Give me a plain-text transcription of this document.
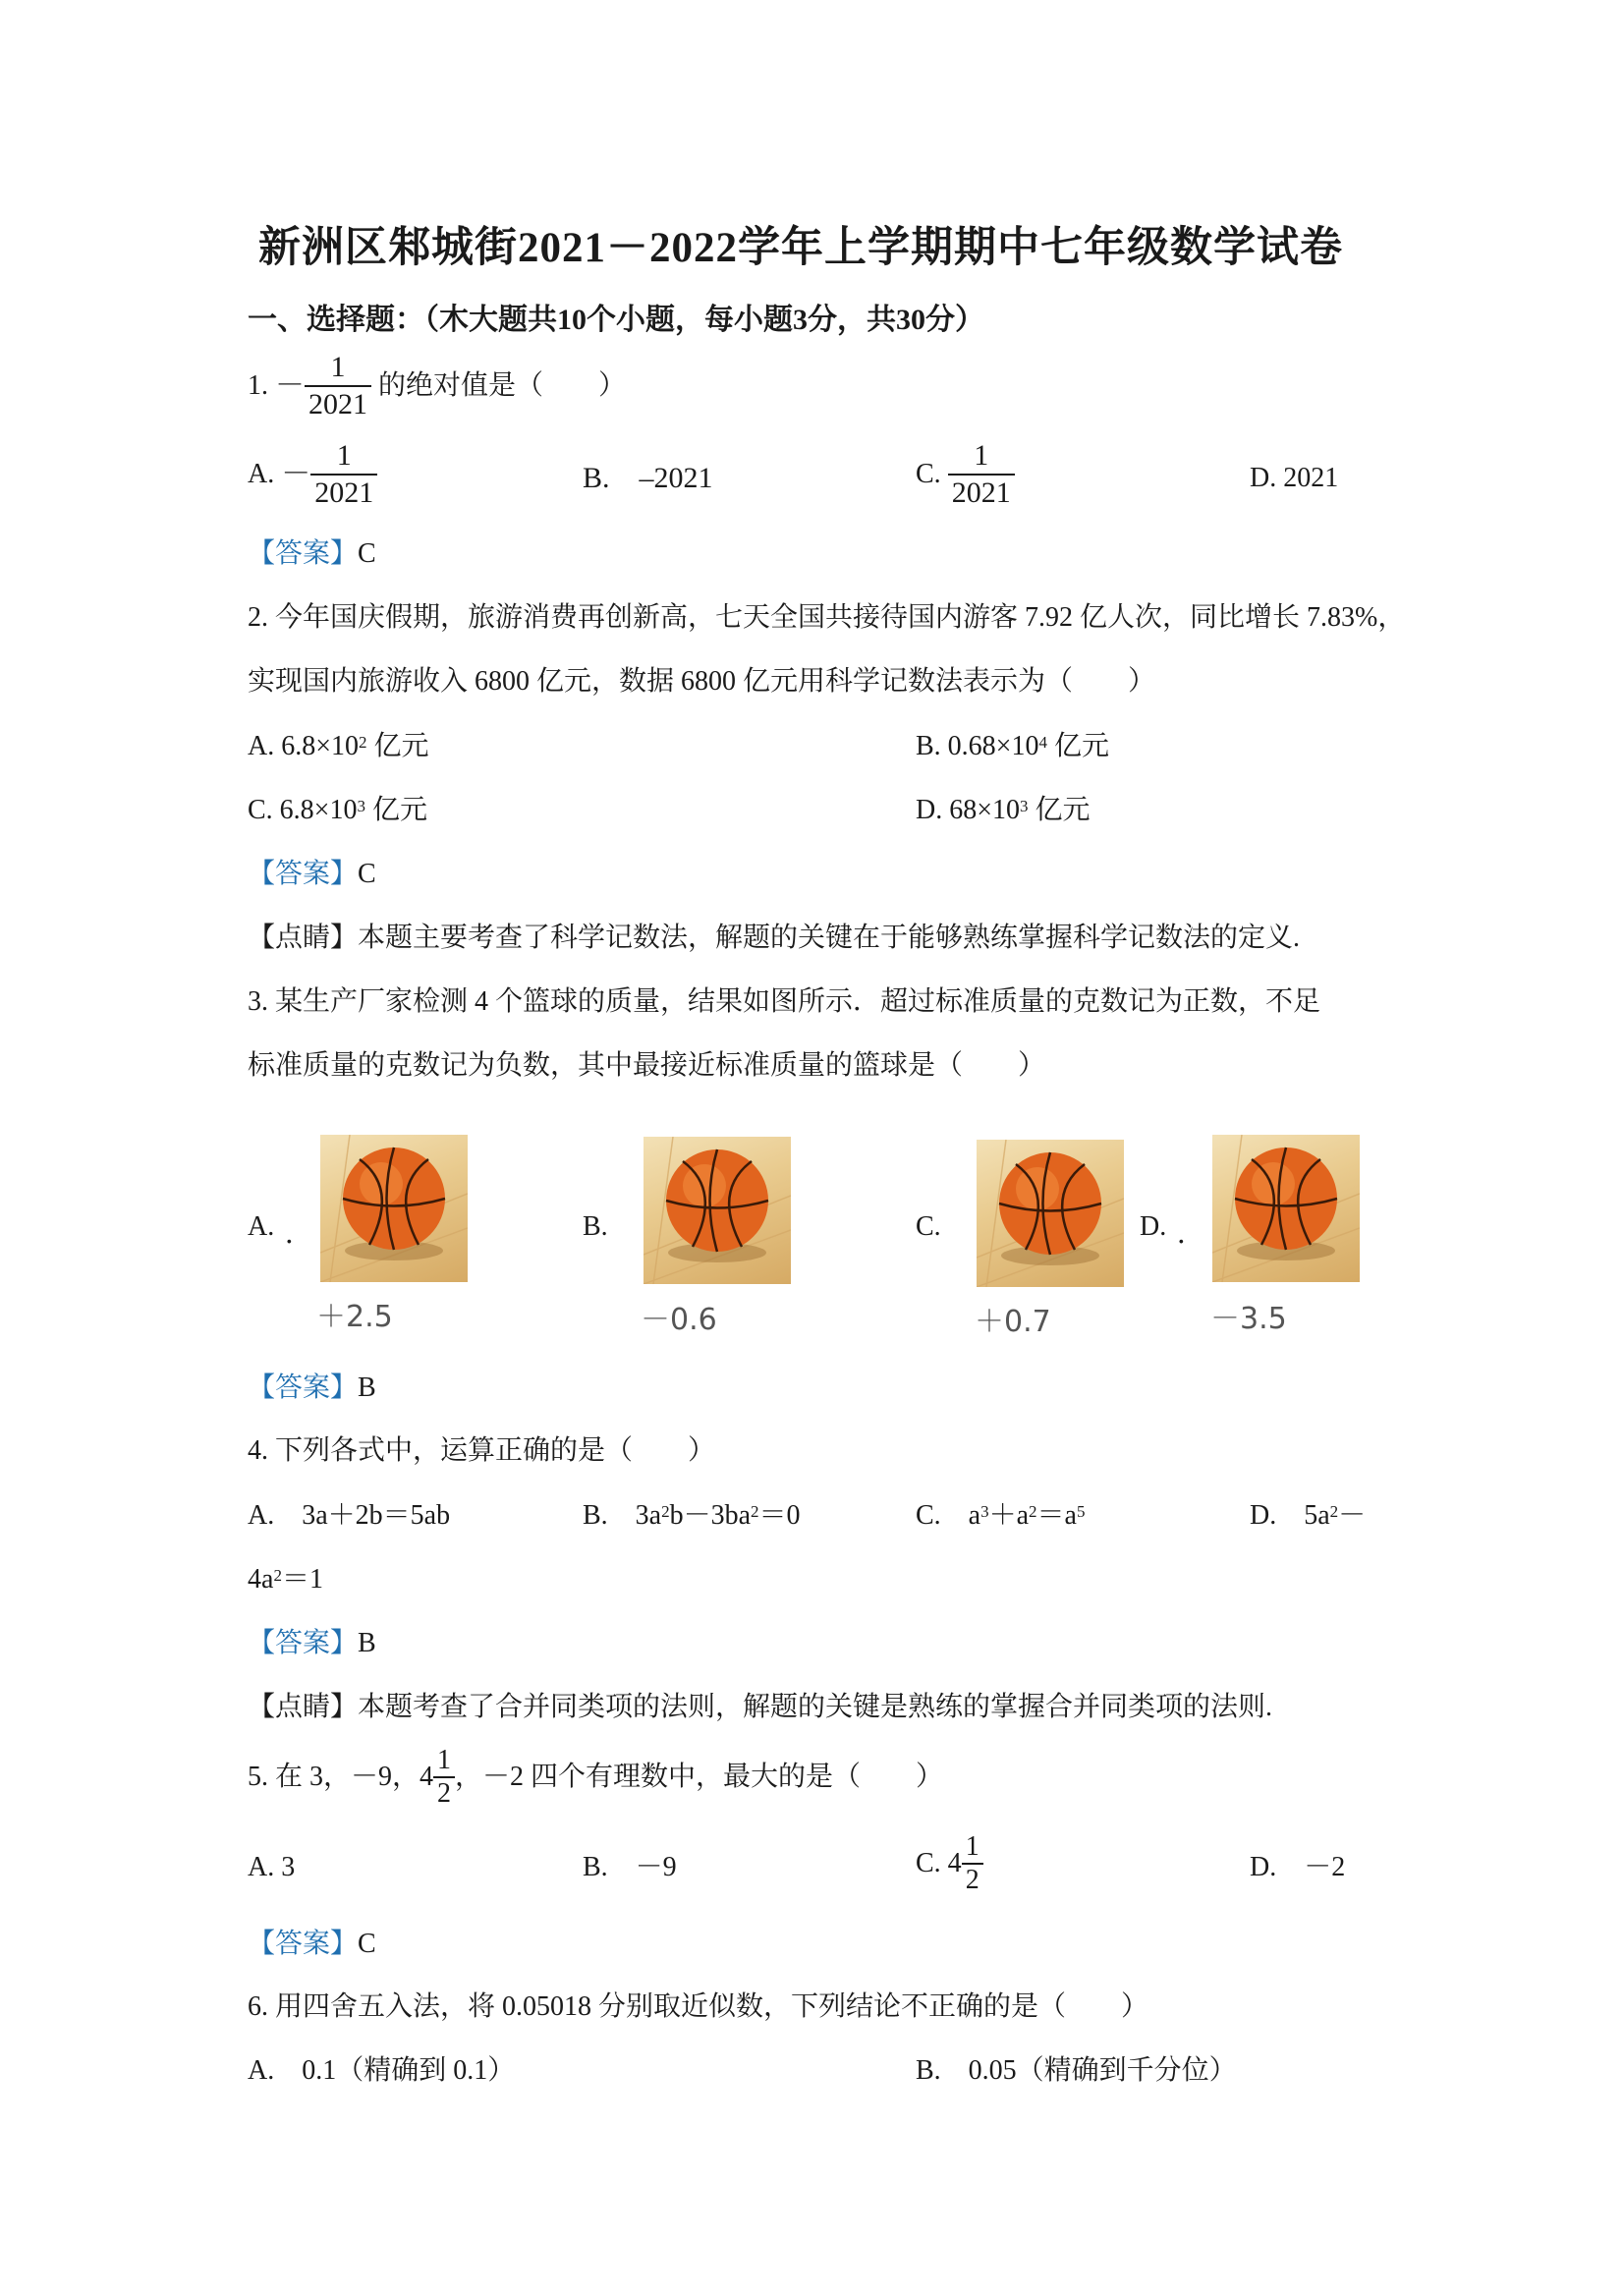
新洲区邾城街2021－2022学年上学期期中七年级数学试卷
一、选择题：（木大题共10个小题，每小题3分，共30分）
1. － $\frac{1}{2021}$ 的绝对值是（　　）
A. － $\frac{1}{2021}$	B.　–2021	C. $\frac{1}{2021}$	D. 2021
【答案】C
2. 今年国庆假期，旅游消费再创新高，七天全国共接待国内游客 7.92 亿人次，同比增长 7.83%，
实现国内旅游收入 6800 亿元，数据 6800 亿元用科学记数法表示为（　　）
A. $6.8\times 10^2$ 亿元	B. $0.68\times 10^4$ 亿元
C. $6.8\times 10^3$ 亿元	D. $68\times 10^3$ 亿元
【答案】C
【点睛】本题主要考查了科学记数法，解题的关键在于能够熟练掌握科学记数法的定义.
3. 某生产厂家检测 4 个篮球的质量，结果如图所示．超过标准质量的克数记为正数，不足
标准质量的克数记为负数，其中最接近标准质量的篮球是（　　）
A. ．	B.	C.	D. ．
＋2.5	－0.6	＋0.7	－3.5
【答案】B
4. 下列各式中，运算正确的是（　　）
A.　3a＋2b＝5ab	B.　$3a^2b-3ba^2=0$	C.　$a^3+a^2=a^5$	D.　$5a^2-$
$4a^2=1$
【答案】B
【点睛】本题考查了合并同类项的法则，解题的关键是熟练的掌握合并同类项的法则.
5. 在 3，－9，$4 \frac{1}{2}$ ，－2 四个有理数中，最大的是（　　）
A. 3	B.　－9	C. $4 \frac{1}{2}$	D.　－2
【答案】C
6. 用四舍五入法，将 0.05018 分别取近似数，下列结论不正确的是（　　）
A.　0.1（精确到 0.1）	B.　0.05（精确到千分位）
